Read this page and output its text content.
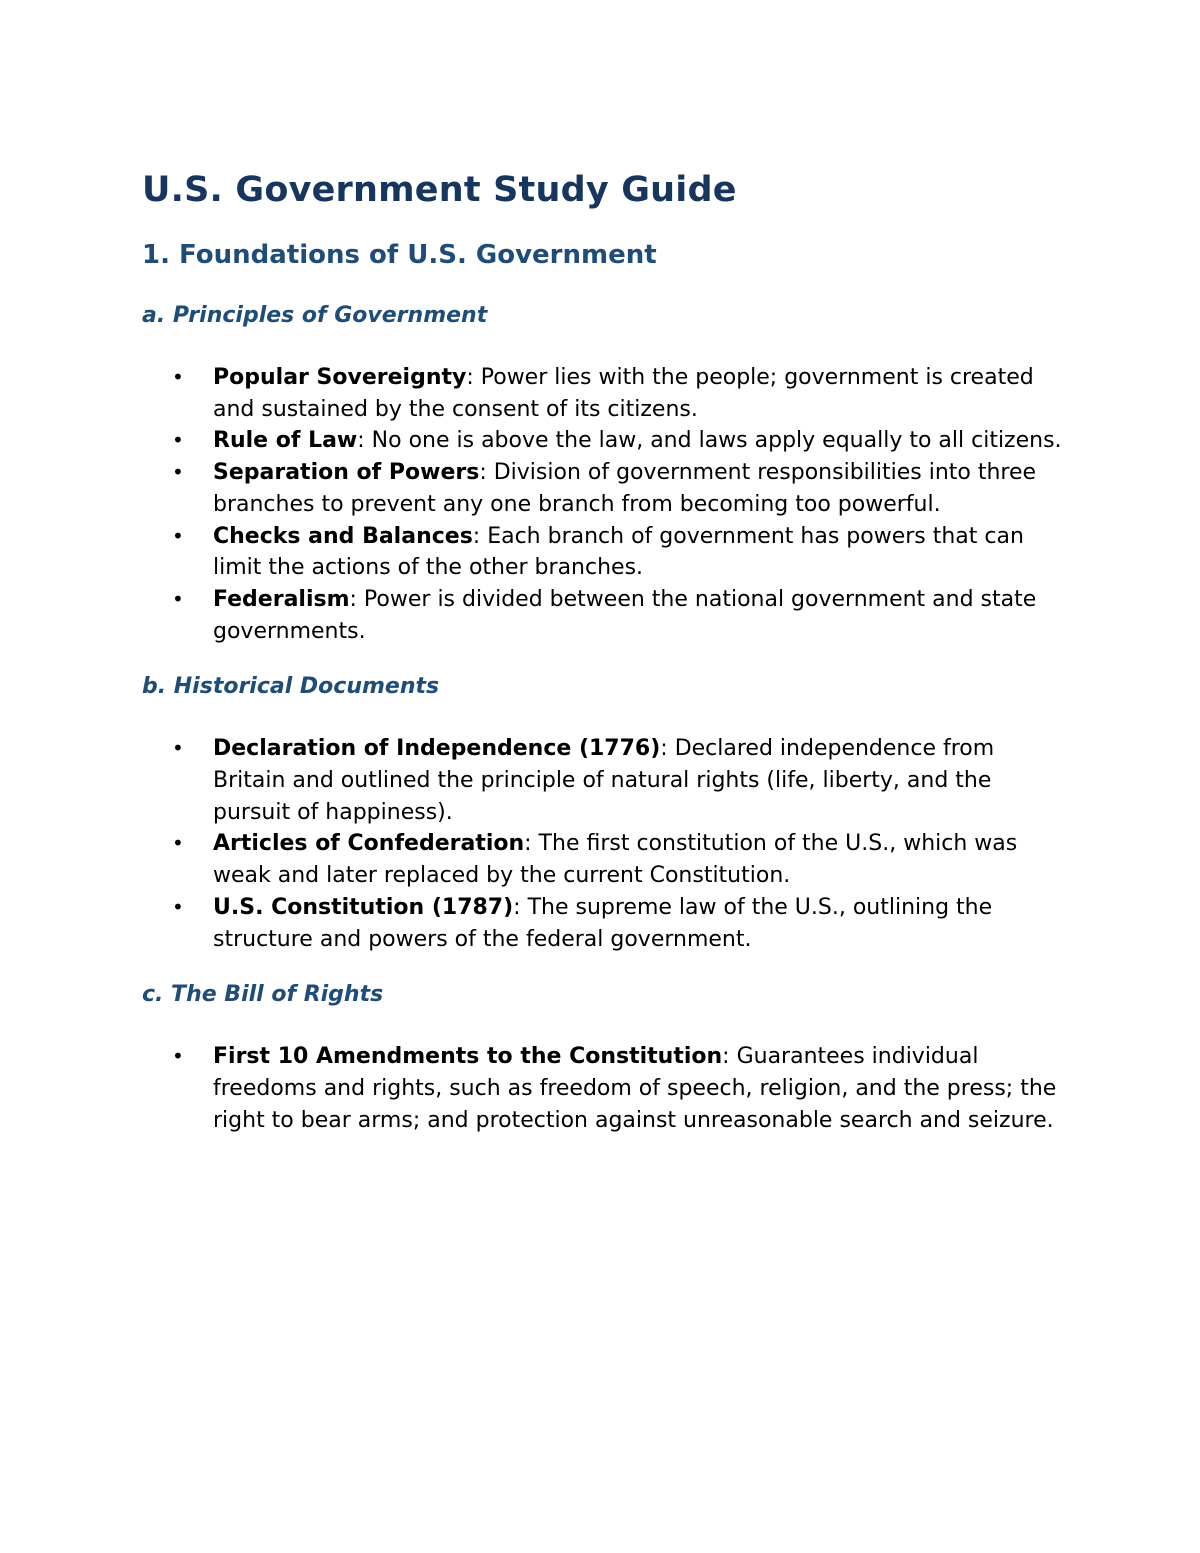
U.S. Government Study Guide
1. Foundations of U.S. Government
a. Principles of Government
• Popular Sovereignty: Power lies with the people; government is created and sustained by the consent of its citizens.
• Rule of Law: No one is above the law, and laws apply equally to all citizens.
• Separation of Powers: Division of government responsibilities into three branches to prevent any one branch from becoming too powerful.
• Checks and Balances: Each branch of government has powers that can limit the actions of the other branches.
• Federalism: Power is divided between the national government and state governments.
b. Historical Documents
• Declaration of Independence (1776): Declared independence from Britain and outlined the principle of natural rights (life, liberty, and the pursuit of happiness).
• Articles of Confederation: The first constitution of the U.S., which was weak and later replaced by the current Constitution.
• U.S. Constitution (1787): The supreme law of the U.S., outlining the structure and powers of the federal government.
c. The Bill of Rights
• First 10 Amendments to the Constitution: Guarantees individual freedoms and rights, such as freedom of speech, religion, and the press; the right to bear arms; and protection against unreasonable search and seizure.
